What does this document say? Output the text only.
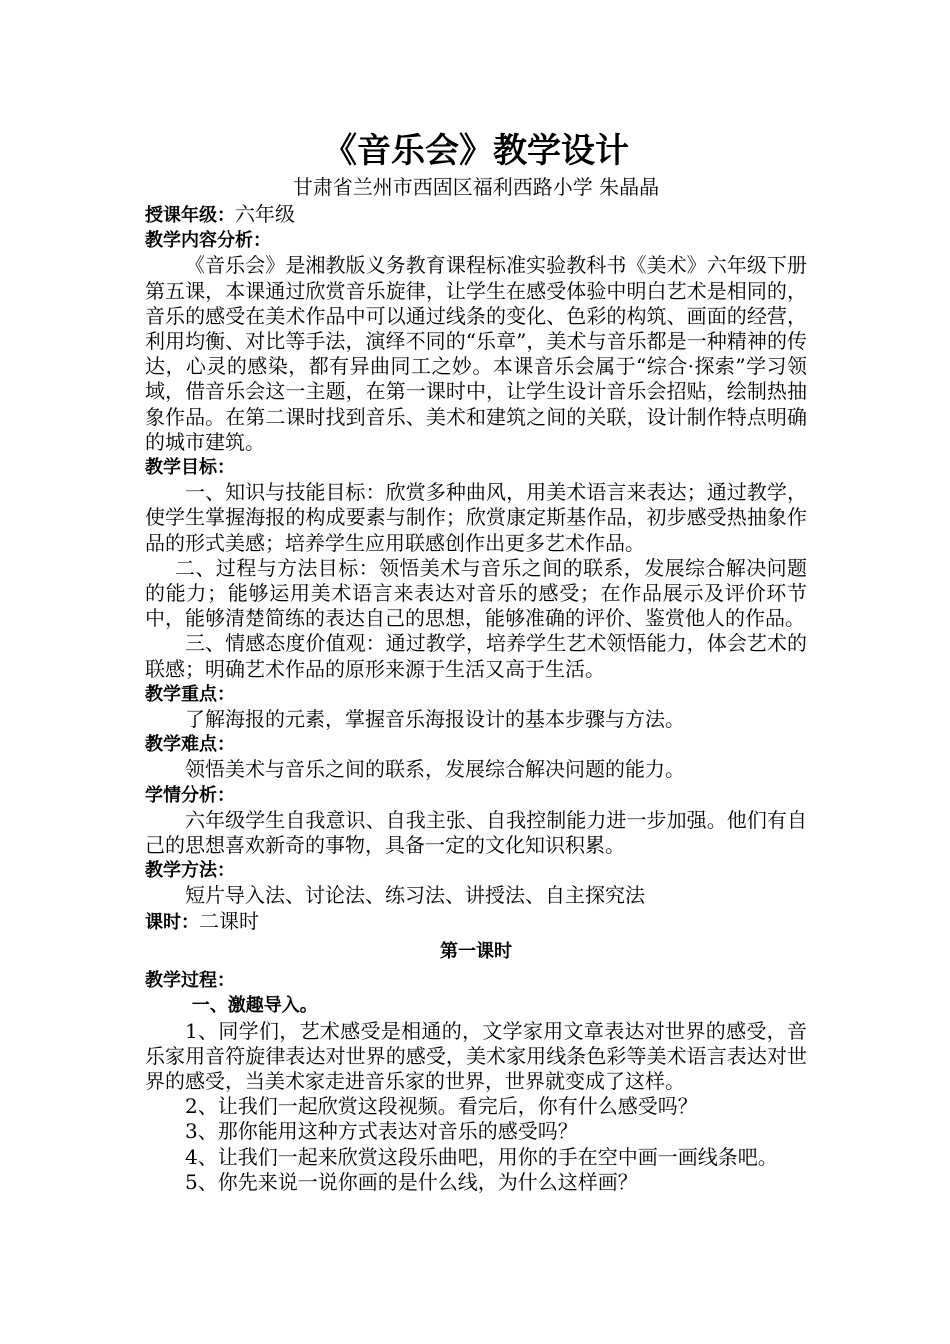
《音乐会》教学设计

甘肃省兰州市西固区福利西路小学 朱晶晶

授课年级：六年级

教学内容分析：

《音乐会》是湘教版义务教育课程标准实验教科书《美术》六年级下册第五课，本课通过欣赏音乐旋律，让学生在感受体验中明白艺术是相同的，音乐的感受在美术作品中可以通过线条的变化、色彩的构筑、画面的经营，利用均衡、对比等手法，演绎不同的“乐章”，美术与音乐都是一种精神的传达，心灵的感染，都有异曲同工之妙。本课音乐会属于“综合·探索”学习领域，借音乐会这一主题，在第一课时中，让学生设计音乐会招贴，绘制热抽象作品。在第二课时找到音乐、美术和建筑之间的关联，设计制作特点明确的城市建筑。

教学目标：

一、知识与技能目标：欣赏多种曲风，用美术语言来表达；通过教学，使学生掌握海报的构成要素与制作；欣赏康定斯基作品，初步感受热抽象作品的形式美感；培养学生应用联感创作出更多艺术作品。

二、过程与方法目标：领悟美术与音乐之间的联系，发展综合解决问题的能力；能够运用美术语言来表达对音乐的感受；在作品展示及评价环节中，能够清楚简练的表达自己的思想，能够准确的评价、鉴赏他人的作品。

三、情感态度价值观：通过教学，培养学生艺术领悟能力，体会艺术的联感；明确艺术作品的原形来源于生活又高于生活。

教学重点：

了解海报的元素，掌握音乐海报设计的基本步骤与方法。

教学难点：

领悟美术与音乐之间的联系，发展综合解决问题的能力。

学情分析：

六年级学生自我意识、自我主张、自我控制能力进一步加强。他们有自己的思想喜欢新奇的事物，具备一定的文化知识积累。

教学方法：

短片导入法、讨论法、练习法、讲授法、自主探究法

课时：二课时

第一课时

教学过程：

一、激趣导入。

1、同学们，艺术感受是相通的，文学家用文章表达对世界的感受，音乐家用音符旋律表达对世界的感受，美术家用线条色彩等美术语言表达对世界的感受，当美术家走进音乐家的世界，世界就变成了这样。

2、让我们一起欣赏这段视频。看完后，你有什么感受吗？

3、那你能用这种方式表达对音乐的感受吗？

4、让我们一起来欣赏这段乐曲吧，用你的手在空中画一画线条吧。

5、你先来说一说你画的是什么线，为什么这样画？
